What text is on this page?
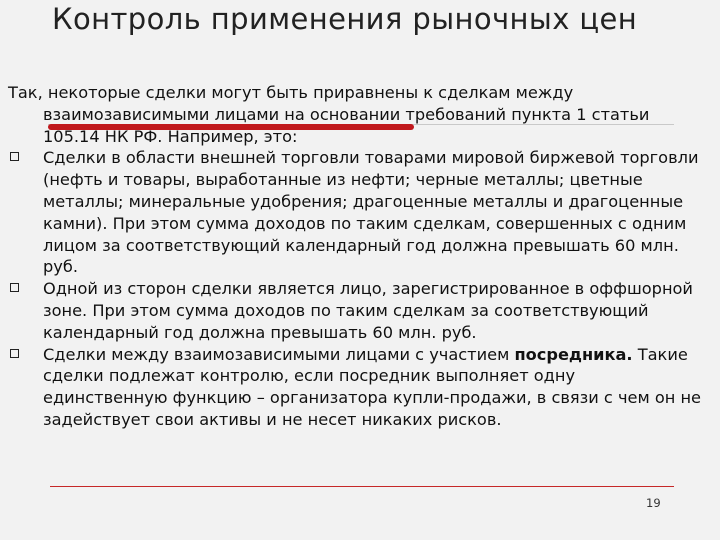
Контроль применения рыночных цен

Так, некоторые сделки могут быть приравнены к сделкам между взаимозависимыми лицами на основании требований пункта 1 статьи 105.14 НК РФ. Например, это:

Сделки в области внешней торговли товарами мировой биржевой торговли (нефть и товары, выработанные из нефти; черные металлы; цветные металлы; минеральные удобрения; драгоценные металлы и драгоценные камни). При этом сумма доходов по таким сделкам, совершенных с одним лицом за соответствующий календарный год должна превышать 60 млн. руб.
Одной из сторон сделки является лицо, зарегистрированное в оффшорной зоне. При этом сумма доходов по таким сделкам за соответствующий календарный год должна превышать 60 млн. руб.
Сделки между взаимозависимыми лицами с участием посредника. Такие сделки подлежат контролю, если посредник выполняет одну единственную функцию – организатора купли-продажи, в связи с чем он не задействует свои активы и не несет никаких рисков.
19
